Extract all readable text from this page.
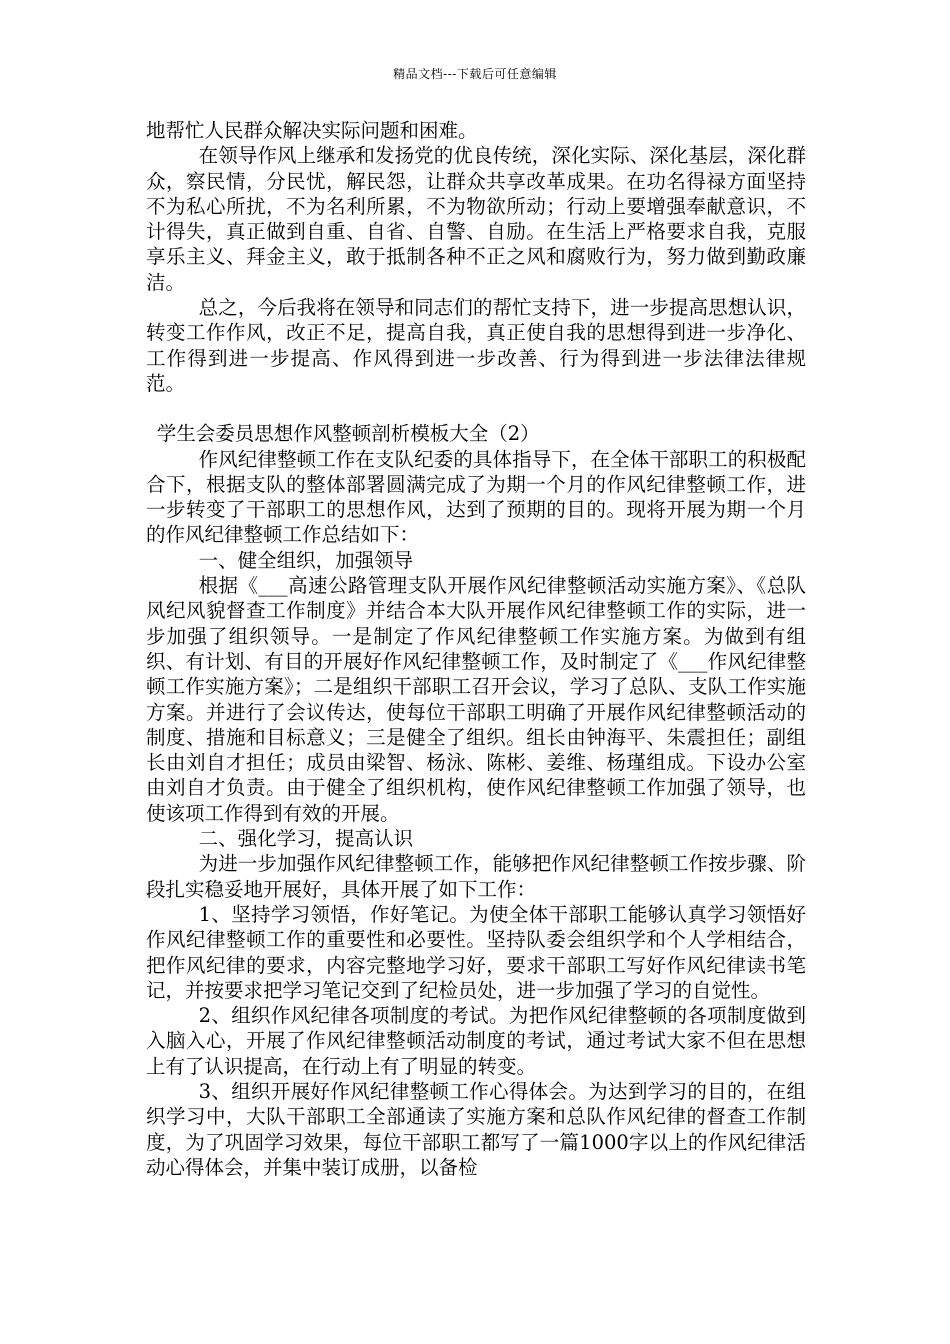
精品文档---下载后可任意编辑

地帮忙人民群众解决实际问题和困难。

在领导作风上继承和发扬党的优良传统，深化实际、深化基层，深化群众，察民情，分民忧，解民怨，让群众共享改革成果。在功名得禄方面坚持不为私心所扰，不为名利所累，不为物欲所动；行动上要增强奉献意识，不计得失，真正做到自重、自省、自警、自励。在生活上严格要求自我，克服享乐主义、拜金主义，敢于抵制各种不正之风和腐败行为，努力做到勤政廉洁。

总之，今后我将在领导和同志们的帮忙支持下，进一步提高思想认识，转变工作作风，改正不足，提高自我，真正使自我的思想得到进一步净化、工作得到进一步提高、作风得到进一步改善、行为得到进一步法律法律规范。

学生会委员思想作风整顿剖析模板大全（2）

作风纪律整顿工作在支队纪委的具体指导下，在全体干部职工的积极配合下，根据支队的整体部署圆满完成了为期一个月的作风纪律整顿工作，进一步转变了干部职工的思想作风，达到了预期的目的。现将开展为期一个月的作风纪律整顿工作总结如下：

一、健全组织，加强领导

根据《___高速公路管理支队开展作风纪律整顿活动实施方案》、《总队风纪风貌督查工作制度》并结合本大队开展作风纪律整顿工作的实际，进一步加强了组织领导。一是制定了作风纪律整顿工作实施方案。为做到有组织、有计划、有目的开展好作风纪律整顿工作，及时制定了《___作风纪律整顿工作实施方案》；二是组织干部职工召开会议，学习了总队、支队工作实施方案。并进行了会议传达，使每位干部职工明确了开展作风纪律整顿活动的制度、措施和目标意义；三是健全了组织。组长由钟海平、朱震担任；副组长由刘自才担任；成员由梁智、杨泳、陈彬、姜维、杨瑾组成。下设办公室由刘自才负责。由于健全了组织机构，使作风纪律整顿工作加强了领导，也使该项工作得到有效的开展。

二、强化学习，提高认识

为进一步加强作风纪律整顿工作，能够把作风纪律整顿工作按步骤、阶段扎实稳妥地开展好，具体开展了如下工作：

1、坚持学习领悟，作好笔记。为使全体干部职工能够认真学习领悟好作风纪律整顿工作的重要性和必要性。坚持队委会组织学和个人学相结合，把作风纪律的要求，内容完整地学习好，要求干部职工写好作风纪律读书笔记，并按要求把学习笔记交到了纪检员处，进一步加强了学习的自觉性。

2、组织作风纪律各项制度的考试。为把作风纪律整顿的各项制度做到入脑入心，开展了作风纪律整顿活动制度的考试，通过考试大家不但在思想上有了认识提高，在行动上有了明显的转变。

3、组织开展好作风纪律整顿工作心得体会。为达到学习的目的，在组织学习中，大队干部职工全部通读了实施方案和总队作风纪律的督查工作制度，为了巩固学习效果，每位干部职工都写了一篇1000字以上的作风纪律活动心得体会，并集中装订成册，以备检
